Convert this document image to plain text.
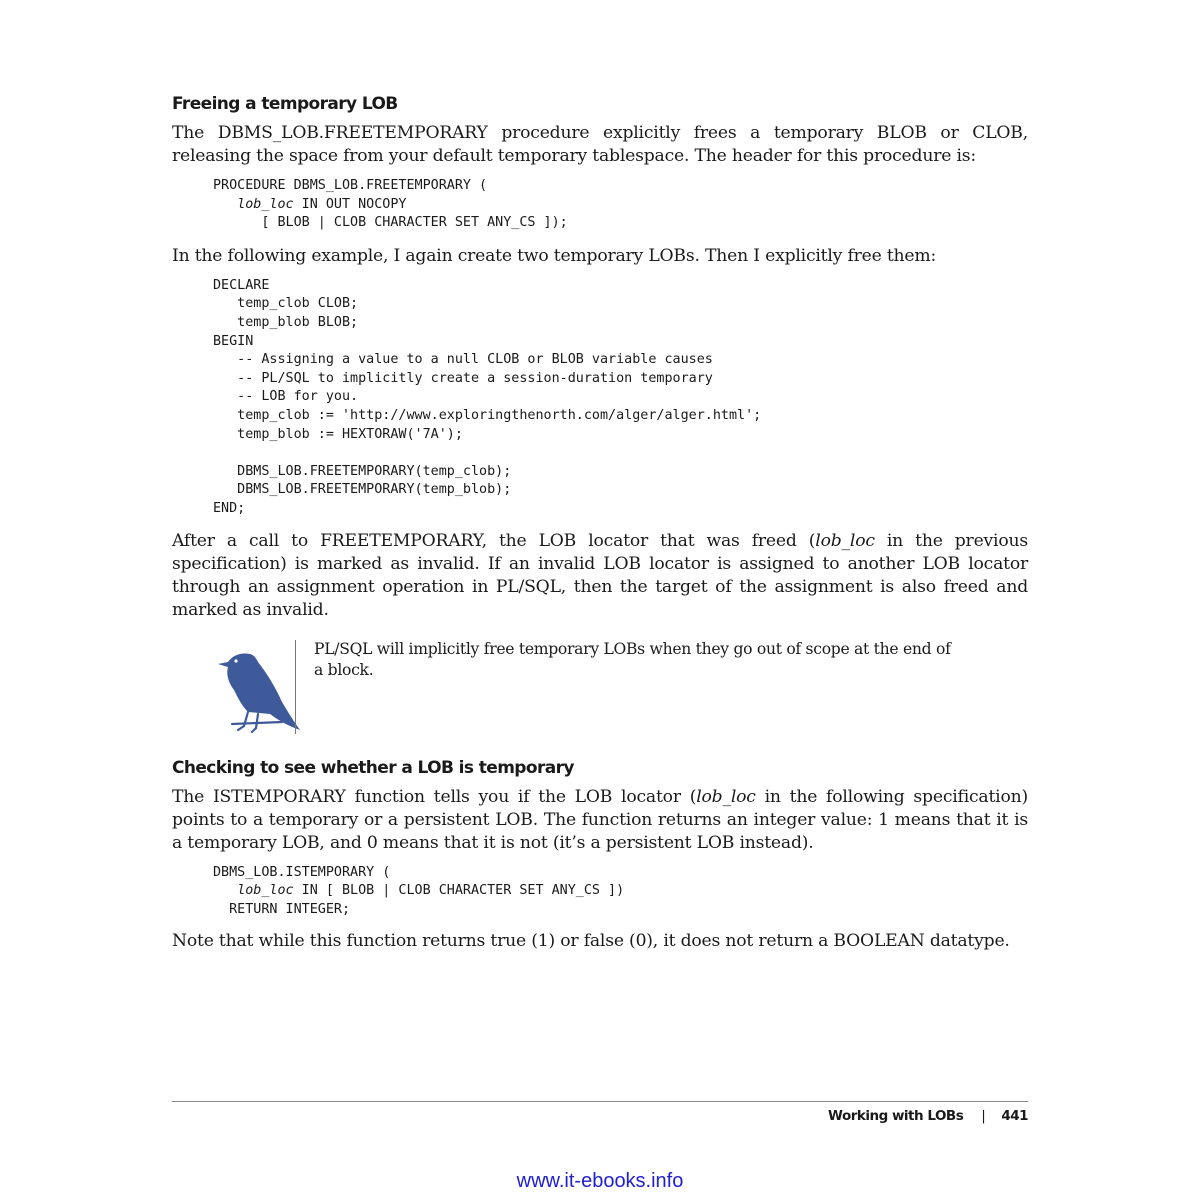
Freeing a temporary LOB

The DBMS_LOB.FREETEMPORARY procedure explicitly frees a temporary BLOB or CLOB, releasing the space from your default temporary tablespace. The header for this procedure is:

PROCEDURE DBMS_LOB.FREETEMPORARY (
lob_loc IN OUT NOCOPY
[ BLOB | CLOB CHARACTER SET ANY_CS ]);

In the following example, I again create two temporary LOBs. Then I explicitly free them:

DECLARE
temp_clob CLOB;
temp_blob BLOB;
BEGIN
-- Assigning a value to a null CLOB or BLOB variable causes
-- PL/SQL to implicitly create a session-duration temporary
-- LOB for you.
temp_clob := 'http://www.exploringthenorth.com/alger/alger.html';
temp_blob := HEXTORAW('7A');

DBMS_LOB.FREETEMPORARY(temp_clob);
DBMS_LOB.FREETEMPORARY(temp_blob);
END;

After a call to FREETEMPORARY, the LOB locator that was freed (lob_loc in the previous specification) is marked as invalid. If an invalid LOB locator is assigned to another LOB locator through an assignment operation in PL/SQL, then the target of the assignment is also freed and marked as invalid.

PL/SQL will implicitly free temporary LOBs when they go out of scope at the end of a block.
Checking to see whether a LOB is temporary

The ISTEMPORARY function tells you if the LOB locator (lob_loc in the following specification) points to a temporary or a persistent LOB. The function returns an integer value: 1 means that it is a temporary LOB, and 0 means that it is not (it’s a persistent LOB instead).

DBMS_LOB.ISTEMPORARY (
lob_loc IN [ BLOB | CLOB CHARACTER SET ANY_CS ])
RETURN INTEGER;

Note that while this function returns true (1) or false (0), it does not return a BOOLEAN datatype.

Working with LOBs | 441
www.it-ebooks.info
